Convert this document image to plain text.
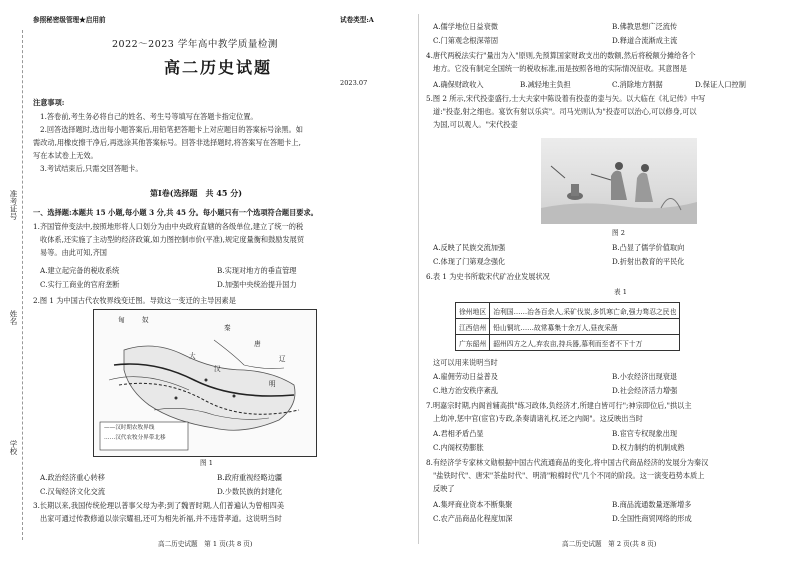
准考证号
姓名
学校
参照秘密级管理★启用前	试卷类型:A
2022～2023 学年高中教学质量检测
高二历史试题
2023.07
注意事项:
1.答卷前,考生务必将自己的姓名、考生号等填写在答题卡指定位置。
2.回答选择题时,选出每小题答案后,用铅笔把答题卡上对应题目的答案标号涂黑。如
需改动,用橡皮擦干净后,再选涂其他答案标号。回答非选择题时,将答案写在答题卡上,
写在本试卷上无效。
3.考试结束后,只需交回答题卡。
第Ⅰ卷(选择题　共 45 分)
一、选择题:本题共 15 小题,每小题 3 分,共 45 分。每小题只有一个选项符合题目要求。
1.齐国管仲变法中,按照地形将人口划分为由中央政府直辖的各级单位,建立了统一的税
收体系,还实施了主动型的经济政策,如力图控制市价(平准),规定度量衡和鼓励发展贸
易等。由此可知,齐国
A.建立起完备的税收系统	B.实现对地方的垂直管理
C.实行工商业的官府垄断	D.加强中央统治提升国力
2.图 1 为中国古代农牧界线变迁图。导致这一变迁的主导因素是
匈	奴
秦
大
汉
唐
明
辽
——汉时期农牧界线
……汉代农牧分界带北移
图 1
A.政治经济重心转移	B.政府重视经略边疆
C.汉匈经济文化交流	D.少数民族的封建化
3.长期以来,我国传统伦理以普事父母为孝;到了魏晋时期,人们普遍认为曾相四美
出家可通过传教修道以崇宗耀祖,还可为相先祈福,并不违背孝道。这说明当时
高二历史试题　第 1 页(共 8 页)
A.儒学地位日益衰微	B.佛教思想广泛流传
C.门第观念根深蒂固	D.释道合流渐成主流
4.唐代两税法实行"量出为入"原则,先预算国家财政支出的数额,然后将税额分摊给各个
地方。它没有制定全国统一的税收标准,而是按照各地的实际情况征收。其意图是
A.确保财政收入	B.减轻地主负担	C.消除地方割据	D.保证人口控制
5.图 2 所示,宋代投壶盛行,士大夫家中陈设着有投壶的壶与矢。以大临在《礼记传》中写
道:"投壶,射之细也。宴饮有射以乐宾"。司马光则认为"投壶可以治心,可以修身,可以
为国,可以观人。"宋代投壶
图 2
A.反映了民族交流加强	B.凸显了儒学价值取向
C.体现了门第观念强化	D.折射出教育的平民化
6.表 1 为史书所载宋代矿冶业发展状况
表 1
徐州地区	冶利国……冶各百余人,采矿伐炭,多饥寒亡命,强力骛忍之民也
江西信州	铅山铜坑……故常募集十余万人,昼夜采凿
广东韶州	韶州四方之人,弃农亩,持兵器,慕利而至者不下十万
这可以用来说明当时
A.雇佣劳动日益普及	B.小农经济出现衰退
C.地方治安秩序紊乱	D.社会经济活力增强
7.明嘉宗时期,内阁首辅高拱"练习政体,负经济才,所建白皆可行";神宗即位后,"拱以主
上幼冲,惩中官(宦官)专政,条奏请诸礼权,还之内阁"。这反映出当时
A.君相矛盾凸显	B.宦官专权现象出现
C.内阁权势膨胀	D.权力制约的机制成熟
8.有经济学专家林文勋根据中国古代流通商品的变化,将中国古代商品经济的发展分为秦汉
"盐铁时代"、唐宋"茶盐时代"、明清"粮棉时代"几个不同的阶段。这一演变趋势本质上
反映了
A.集坪商业资本不断集聚	B.商品流通数量逐渐增多
C.农产品商品化程度加深	D.全国性商贸网络的形成
高二历史试题　第 2 页(共 8 页)
